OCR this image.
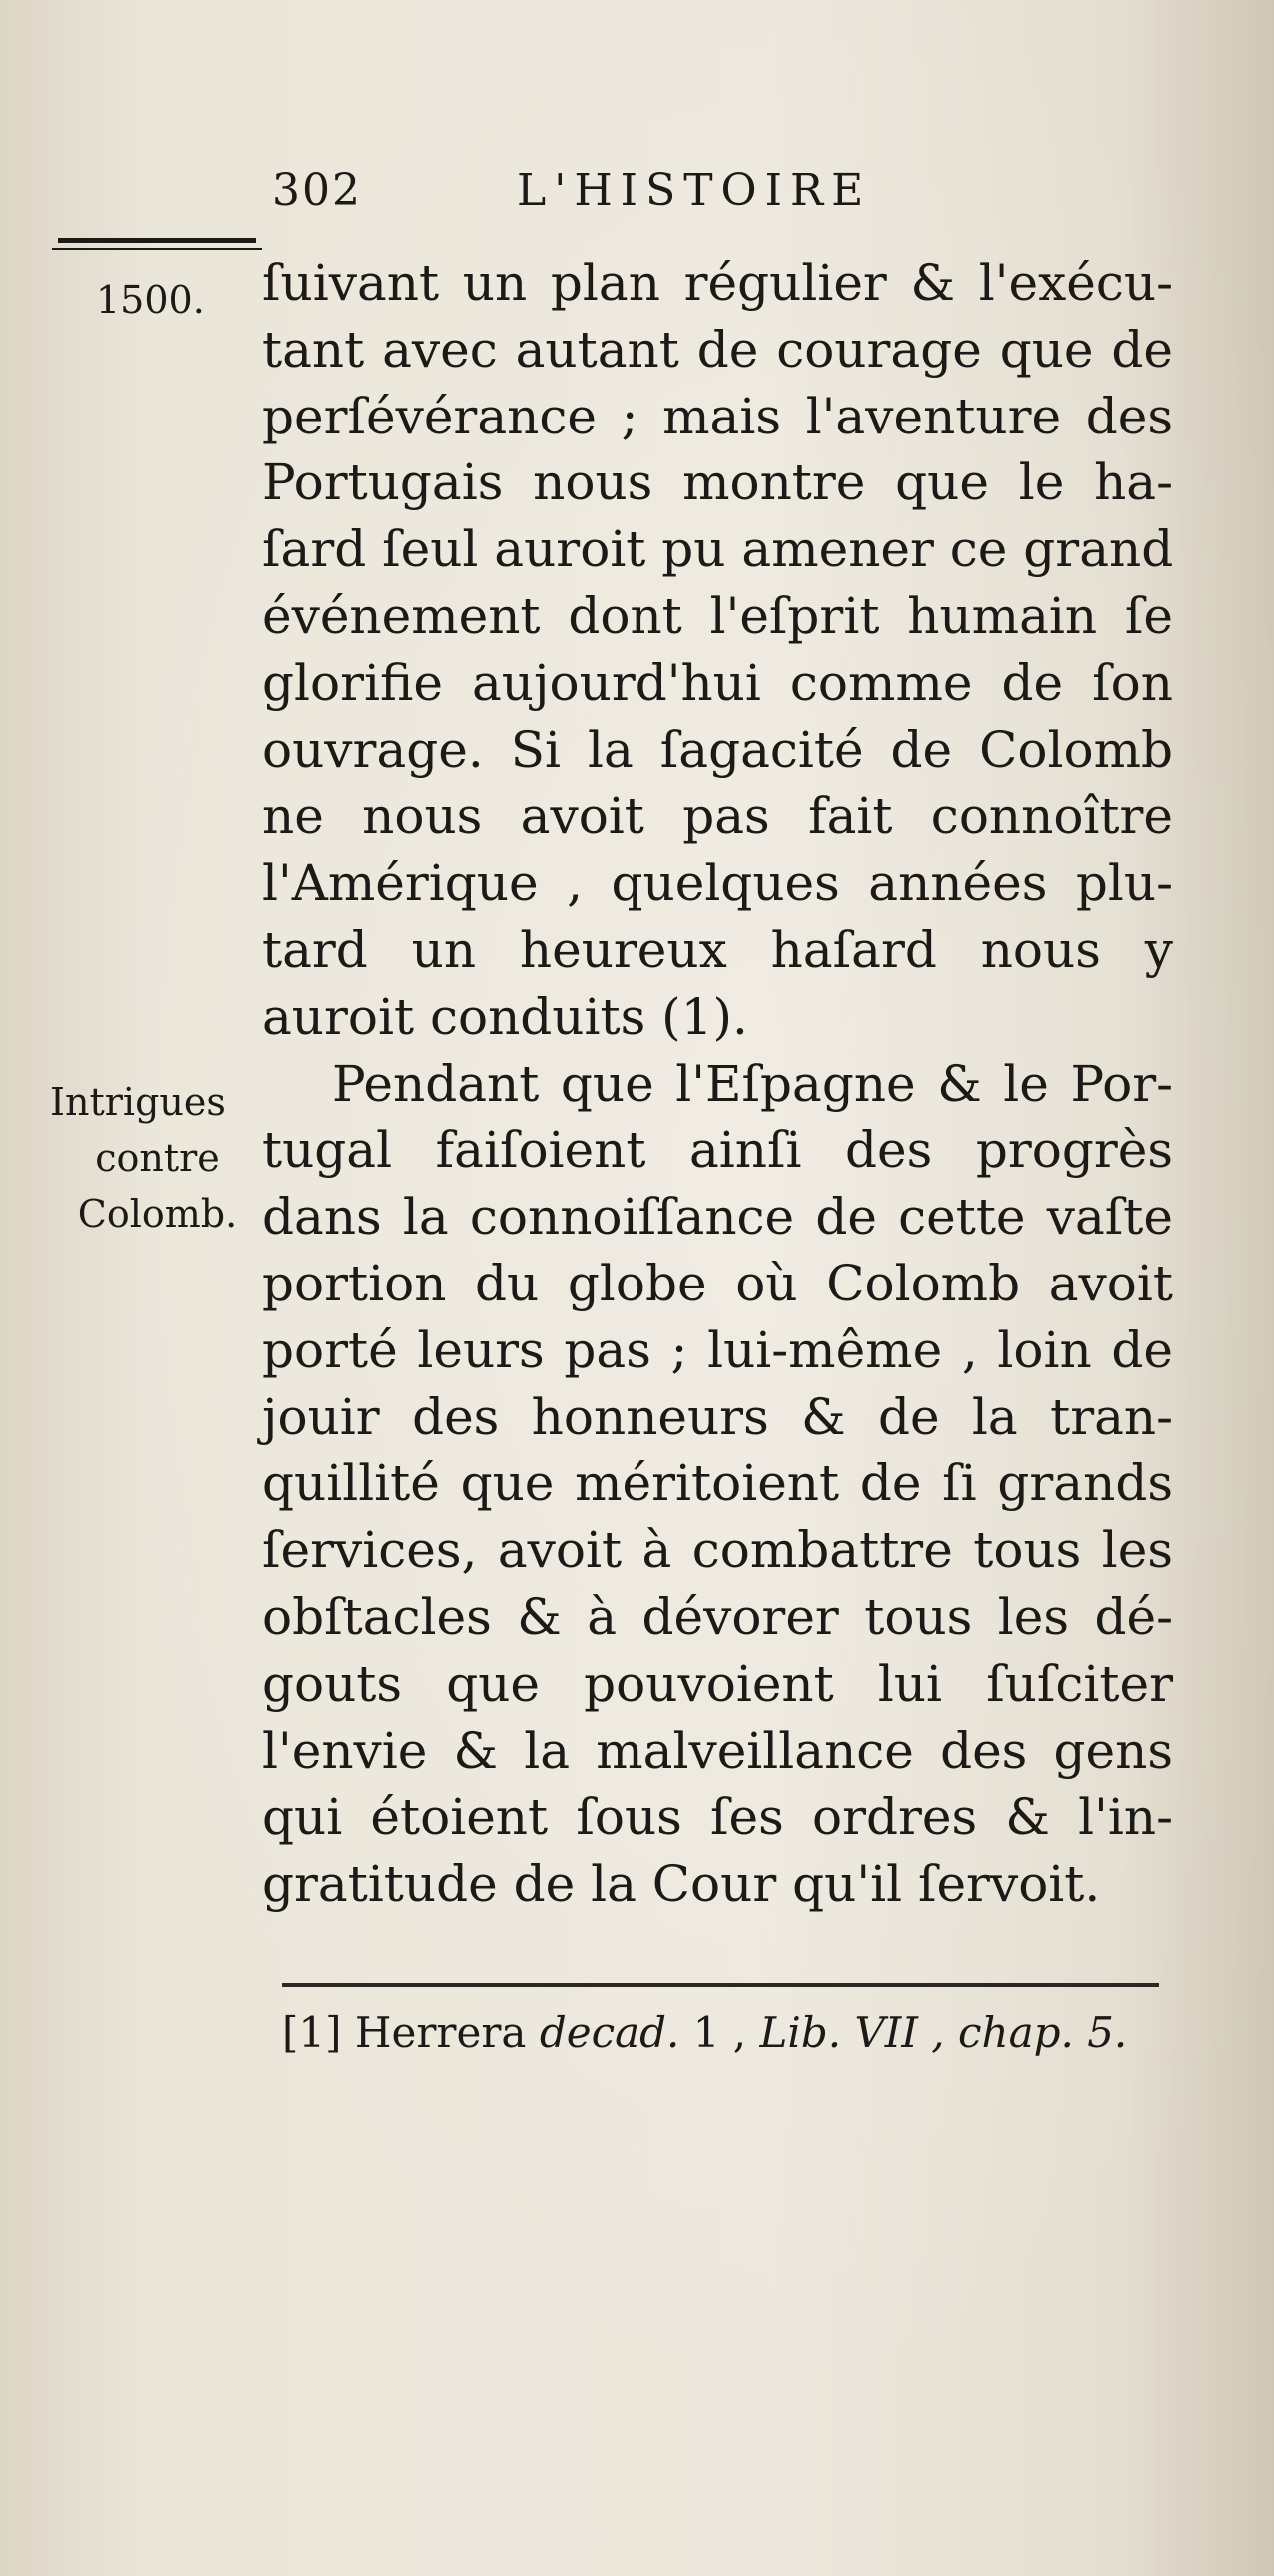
302	L'HISTOIRE
1500.
Intrigues
contre
Colomb.
ſuivant un plan régulier & l'exécu-
tant avec autant de courage que de
perſévérance ; mais l'aventure des
Portugais nous montre que le ha-
ſard ſeul auroit pu amener ce grand
événement dont l'eſprit humain ſe
glorifie aujourd'hui comme de ſon
ouvrage. Si la ſagacité de Colomb
ne nous avoit pas fait connoître
l'Amérique , quelques années plu-
tard un heureux haſard nous y
auroit conduits (1).
Pendant que l'Eſpagne & le Por-
tugal faiſoient ainſi des progrès
dans la connoiſſance de cette vaſte
portion du globe où Colomb avoit
porté leurs pas ; lui-même , loin de
jouir des honneurs & de la tran-
quillité que méritoient de ſi grands
ſervices, avoit à combattre tous les
obſtacles & à dévorer tous les dé-
gouts que pouvoient lui ſuſciter
l'envie & la malveillance des gens
qui étoient ſous ſes ordres & l'in-
gratitude de la Cour qu'il ſervoit.
[1] Herrera decad. 1 , Lib. VII , chap. 5.
